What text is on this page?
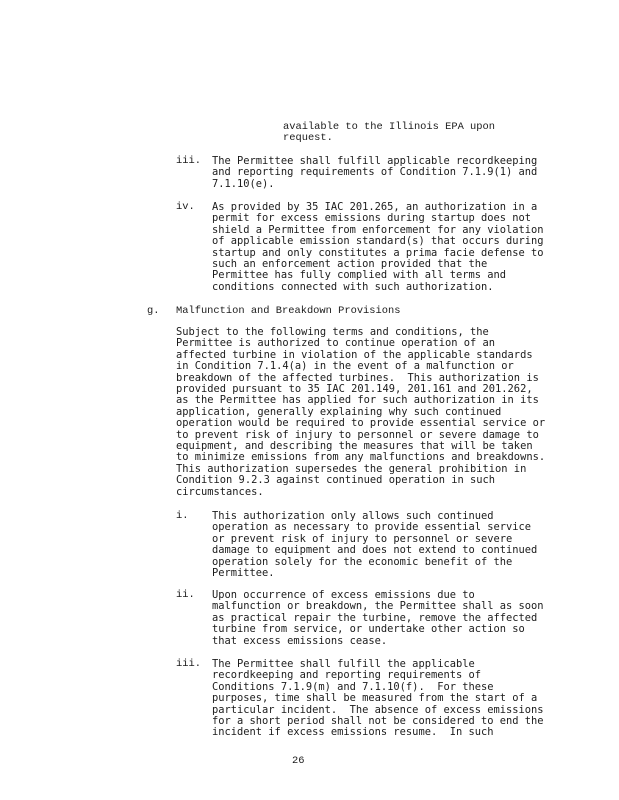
available to the Illinois EPA upon
request.
iii. The Permittee shall fulfill applicable recordkeeping
and reporting requirements of Condition 7.1.9(1) and
7.1.10(e).
iv. As provided by 35 IAC 201.265, an authorization in a
permit for excess emissions during startup does not
shield a Permittee from enforcement for any violation
of applicable emission standard(s) that occurs during
startup and only constitutes a prima facie defense to
such an enforcement action provided that the
Permittee has fully complied with all terms and
conditions connected with such authorization.
g. Malfunction and Breakdown Provisions
Subject to the following terms and conditions, the
Permittee is authorized to continue operation of an
affected turbine in violation of the applicable standards
in Condition 7.1.4(a) in the event of a malfunction or
breakdown of the affected turbines.  This authorization is
provided pursuant to 35 IAC 201.149, 201.161 and 201.262,
as the Permittee has applied for such authorization in its
application, generally explaining why such continued
operation would be required to provide essential service or
to prevent risk of injury to personnel or severe damage to
equipment, and describing the measures that will be taken
to minimize emissions from any malfunctions and breakdowns.
This authorization supersedes the general prohibition in
Condition 9.2.3 against continued operation in such
circumstances.
i. This authorization only allows such continued
operation as necessary to provide essential service
or prevent risk of injury to personnel or severe
damage to equipment and does not extend to continued
operation solely for the economic benefit of the
Permittee.
ii. Upon occurrence of excess emissions due to
malfunction or breakdown, the Permittee shall as soon
as practical repair the turbine, remove the affected
turbine from service, or undertake other action so
that excess emissions cease.
iii. The Permittee shall fulfill the applicable
recordkeeping and reporting requirements of
Conditions 7.1.9(m) and 7.1.10(f).  For these
purposes, time shall be measured from the start of a
particular incident.  The absence of excess emissions
for a short period shall not be considered to end the
incident if excess emissions resume.  In such
26
